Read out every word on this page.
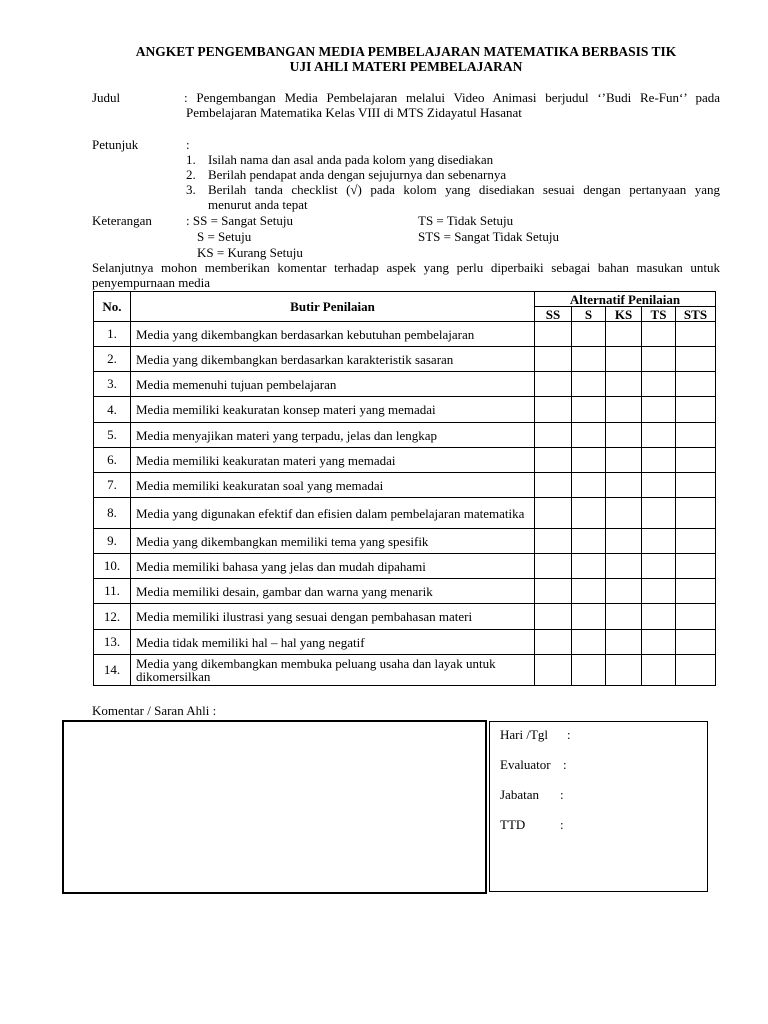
ANGKET PENGEMBANGAN MEDIA PEMBELAJARAN MATEMATIKA BERBASIS TIK
UJI AHLI MATERI PEMBELAJARAN
Judul	: Pengembangan Media Pembelajaran melalui Video Animasi berjudul ‘’Budi Re-Fun‘’ pada
Pembelajaran Matematika Kelas VIII di MTS Zidayatul Hasanat
Petunjuk	:
1. Isilah nama dan asal anda pada kolom yang disediakan
2. Berilah pendapat anda dengan sejujurnya dan sebenarnya
3. Berilah tanda checklist (√) pada kolom yang disediakan sesuai dengan pertanyaan yang
menurut anda tepat
Keterangan	: SS = Sangat Setuju
S = Setuju
KS = Kurang Setuju
TS = Tidak Setuju
STS = Sangat Tidak Setuju
Selanjutnya mohon memberikan komentar terhadap aspek yang perlu diperbaiki sebagai bahan masukan untuk
penyempurnaan media
No.	Butir Penilaian	Alternatif Penilaian				
		SS	S	KS	TS	STS
1.	Media yang dikembangkan berdasarkan kebutuhan pembelajaran					
2.	Media yang dikembangkan berdasarkan karakteristik sasaran					
3.	Media memenuhi tujuan pembelajaran					
4.	Media memiliki keakuratan konsep materi yang memadai					
5.	Media menyajikan materi yang terpadu, jelas dan lengkap					
6.	Media memiliki keakuratan materi yang memadai					
7.	Media memiliki keakuratan soal yang memadai					
8.	Media yang digunakan efektif dan efisien dalam pembelajaran matematika					
9.	Media yang dikembangkan memiliki tema yang spesifik					
10.	Media memiliki bahasa yang jelas dan mudah dipahami					
11.	Media memiliki desain, gambar dan warna yang menarik					
12.	Media memiliki ilustrasi yang sesuai dengan pembahasan materi					
13.	Media tidak memiliki hal – hal yang negatif					
14.	Media yang dikembangkan membuka peluang usaha dan layak untuk dikomersilkan					
Komentar / Saran Ahli :
Hari /Tgl :
Evaluator :
Jabatan :
TTD	:
